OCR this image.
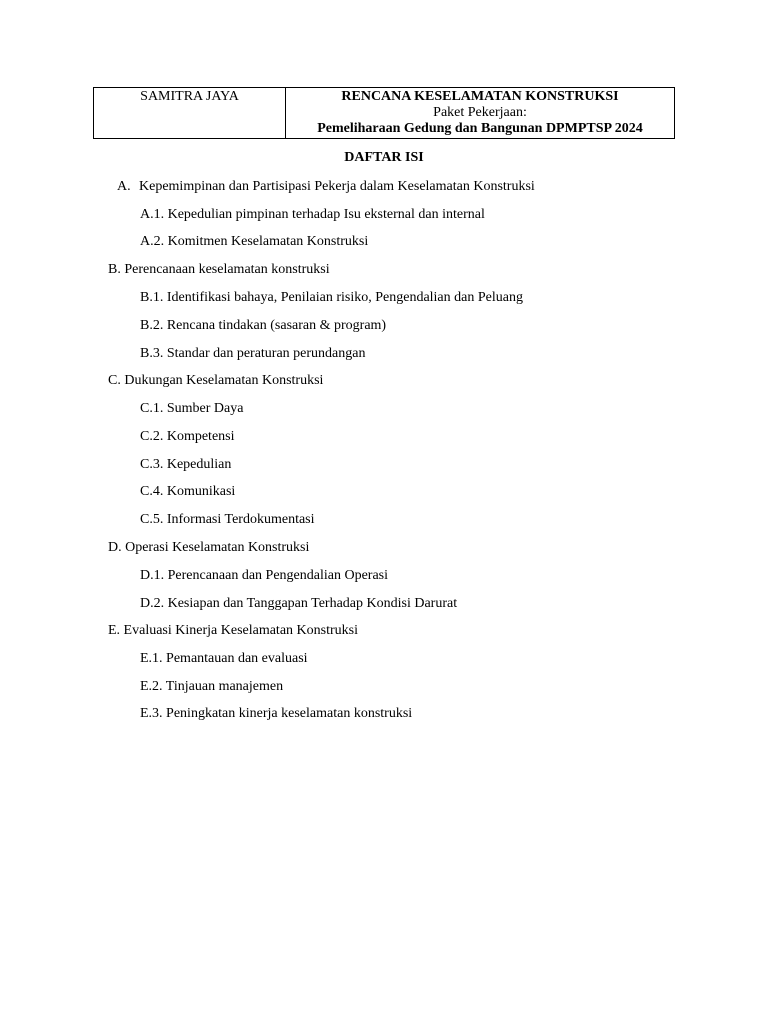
SAMITRA JAYA	RENCANA KESELAMATAN KONSTRUKSI
Paket Pekerjaan:
Pemeliharaan Gedung dan Bangunan DPMPTSP 2024
DAFTAR ISI
A. Kepemimpinan dan Partisipasi Pekerja dalam Keselamatan Konstruksi
A.1. Kepedulian pimpinan terhadap Isu eksternal dan internal
A.2. Komitmen Keselamatan Konstruksi
B. Perencanaan keselamatan konstruksi
B.1. Identifikasi bahaya, Penilaian risiko, Pengendalian dan Peluang
B.2. Rencana tindakan (sasaran & program)
B.3. Standar dan peraturan perundangan
C. Dukungan Keselamatan Konstruksi
C.1. Sumber Daya
C.2. Kompetensi
C.3. Kepedulian
C.4. Komunikasi
C.5. Informasi Terdokumentasi
D. Operasi Keselamatan Konstruksi
D.1. Perencanaan dan Pengendalian Operasi
D.2. Kesiapan dan Tanggapan Terhadap Kondisi Darurat
E. Evaluasi Kinerja Keselamatan Konstruksi
E.1. Pemantauan dan evaluasi
E.2. Tinjauan manajemen
E.3. Peningkatan kinerja keselamatan konstruksi
